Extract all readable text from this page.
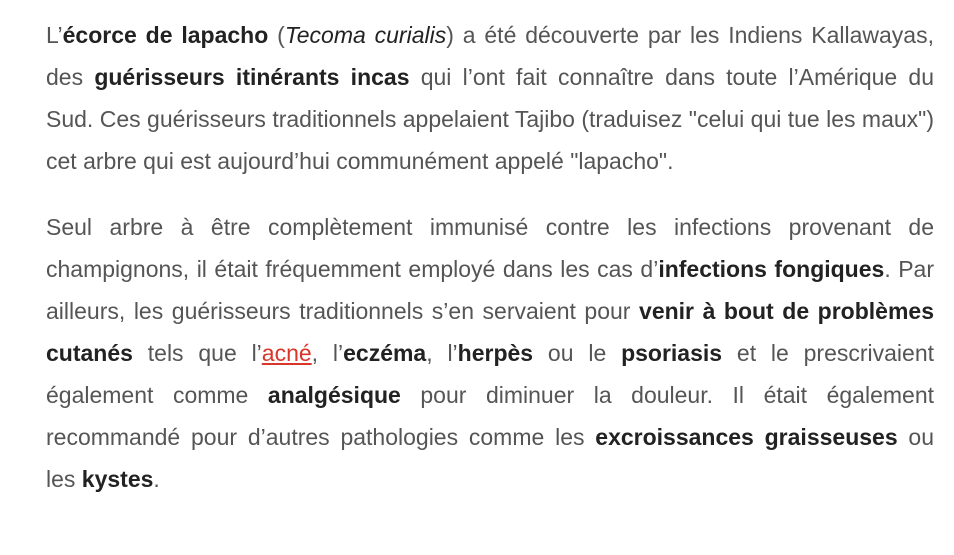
L’écorce de lapacho (Tecoma curialis) a été découverte par les Indiens Kallawayas, des guérisseurs itinérants incas qui l’ont fait connaître dans toute l’Amérique du Sud. Ces guérisseurs traditionnels appelaient Tajibo (traduisez "celui qui tue les maux") cet arbre qui est aujourd’hui communément appelé "lapacho".

Seul arbre à être complètement immunisé contre les infections provenant de champignons, il était fréquemment employé dans les cas d’infections fongiques. Par ailleurs, les guérisseurs traditionnels s’en servaient pour venir à bout de problèmes cutanés tels que l’acné, l’eczéma, l’herpès ou le psoriasis et le prescrivaient également comme analgésique pour diminuer la douleur. Il était également recommandé pour d’autres pathologies comme les excroissances graisseuses ou les kystes.
